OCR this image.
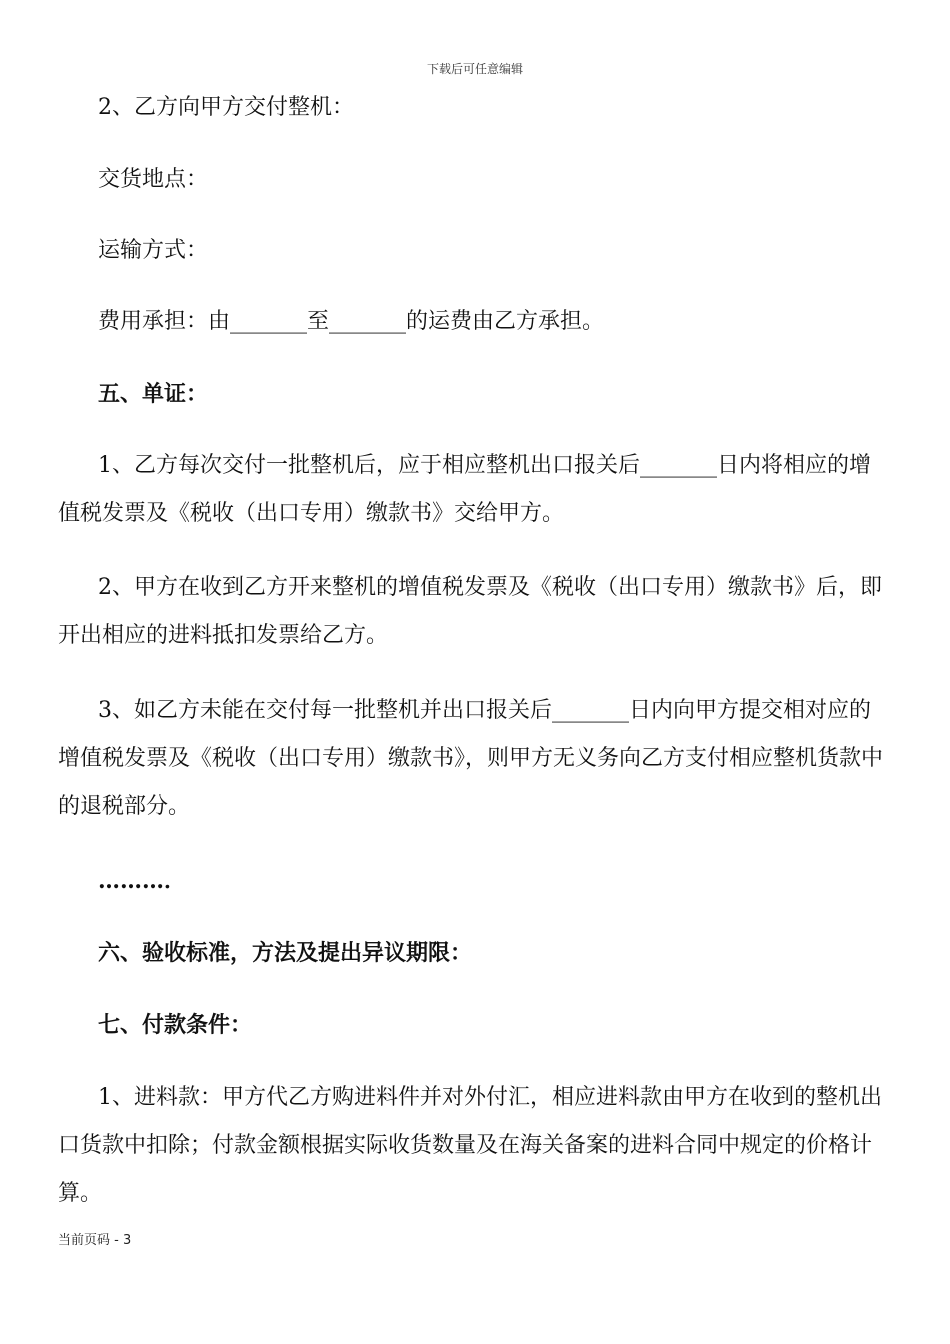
下载后可任意编辑

2、乙方向甲方交付整机：

交货地点：

运输方式：

费用承担：由_______至_______的运费由乙方承担。

五、单证：

1、乙方每次交付一批整机后，应于相应整机出口报关后_______日内将相应的增值税发票及《税收（出口专用）缴款书》交给甲方。

2、甲方在收到乙方开来整机的增值税发票及《税收（出口专用）缴款书》后，即开出相应的进料抵扣发票给乙方。

3、如乙方未能在交付每一批整机并出口报关后_______日内向甲方提交相对应的增值税发票及《税收（出口专用）缴款书》，则甲方无义务向乙方支付相应整机货款中的退税部分。

………．

六、验收标准，方法及提出异议期限：

七、付款条件：

1、进料款：甲方代乙方购进料件并对外付汇，相应进料款由甲方在收到的整机出口货款中扣除；付款金额根据实际收货数量及在海关备案的进料合同中规定的价格计算。

当前页码 - 3
